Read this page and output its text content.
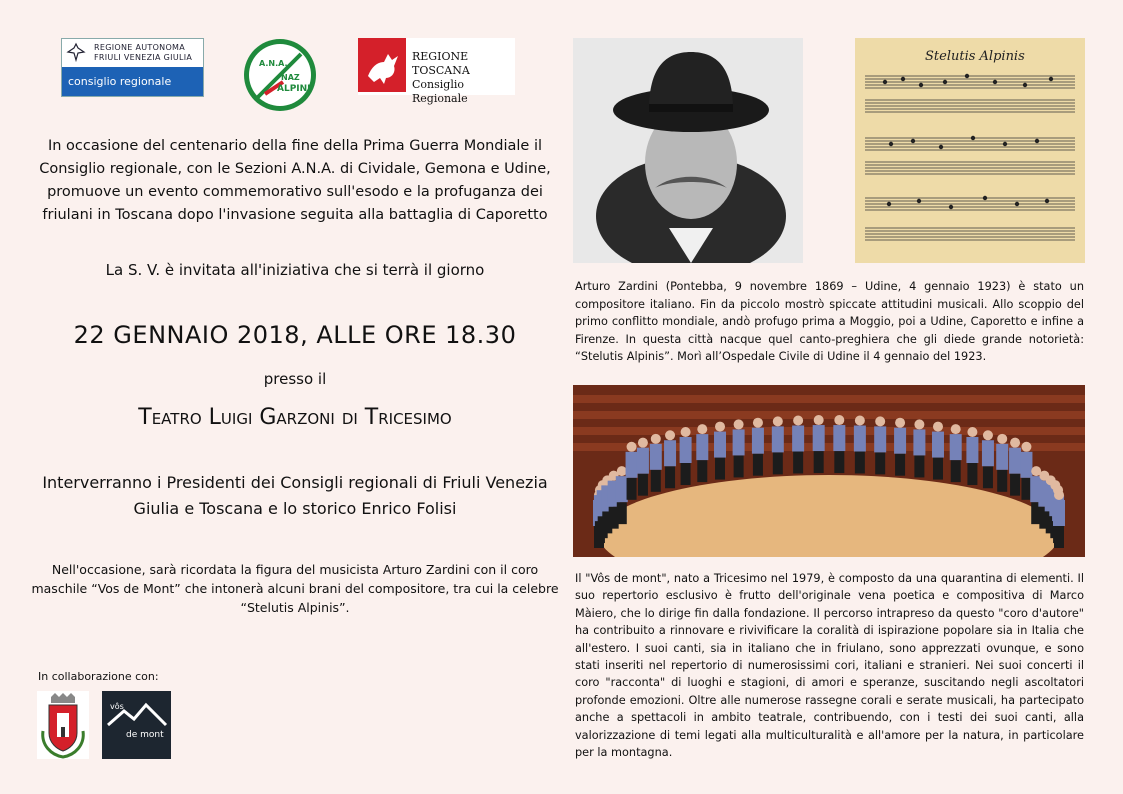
REGIONE AUTONOMA
FRIULI VENEZIA GIULIA
consiglio regionale
A.N.A.
NAZ
ALPINI
REGIONE TOSCANA
Consiglio Regionale
In occasione del centenario della fine della Prima Guerra Mondiale il Consiglio regionale, con le Sezioni A.N.A. di Cividale, Gemona e Udine, promuove un evento commemorativo sull'esodo e la profuganza dei friulani in Toscana dopo l'invasione seguita alla battaglia di Caporetto
La S. V. è invitata all'iniziativa che si terrà il giorno
22 GENNAIO 2018, ALLE ORE 18.30
presso il
Teatro Luigi Garzoni di Tricesimo
Interverranno i Presidenti dei Consigli regionali di Friuli Venezia Giulia e Toscana e lo storico Enrico Folisi
Nell'occasione, sarà ricordata la figura del musicista Arturo Zardini con il coro maschile “Vos de Mont” che intonerà alcuni brani del compositore, tra cui la celebre “Stelutis Alpinis”.
In collaborazione con:
vôs
de mont
Stelutis Alpinis
Arturo Zardini (Pontebba, 9 novembre 1869 – Udine, 4 gennaio 1923) è stato un compositore italiano. Fin da piccolo mostrò spiccate attitudini musicali. Allo scoppio del primo conflitto mondiale, andò profugo prima a Moggio, poi a Udine, Caporetto e infine a Firenze. In questa città nacque quel canto-preghiera che gli diede grande notorietà: “Stelutis Alpinis”. Morì all’Ospedale Civile di Udine il 4 gennaio del 1923.
Il "Vôs de mont", nato a Tricesimo nel 1979, è composto da una quarantina di elementi. Il suo repertorio esclusivo è frutto dell'originale vena poetica e compositiva di Marco Màiero, che lo dirige fin dalla fondazione. Il percorso intrapreso da questo "coro d'autore" ha contribuito a rinnovare e rivivificare la coralità di ispirazione popolare sia in Italia che all'estero. I suoi canti, sia in italiano che in friulano, sono apprezzati ovunque, e sono stati inseriti nel repertorio di numerosissimi cori, italiani e stranieri. Nei suoi concerti il coro "racconta" di luoghi e stagioni, di amori e speranze, suscitando negli ascoltatori profonde emozioni. Oltre alle numerose rassegne corali e serate musicali, ha partecipato anche a spettacoli in ambito teatrale, contribuendo, con i testi dei suoi canti, alla valorizzazione di temi legati alla multiculturalità e all'amore per la natura, in particolare per la montagna.
